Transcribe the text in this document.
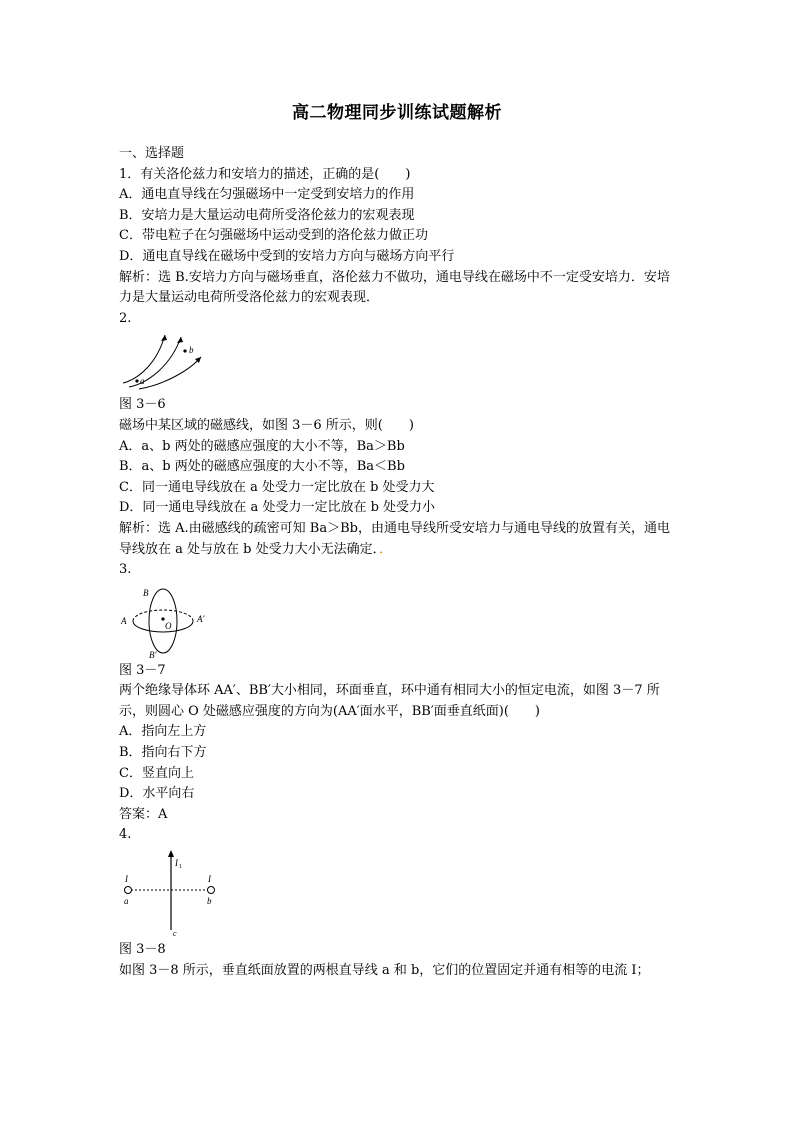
高二物理同步训练试题解析
一、选择题
1．有关洛伦兹力和安培力的描述，正确的是(　　)
A．通电直导线在匀强磁场中一定受到安培力的作用
B．安培力是大量运动电荷所受洛伦兹力的宏观表现
C．带电粒子在匀强磁场中运动受到的洛伦兹力做正功
D．通电直导线在磁场中受到的安培力方向与磁场方向平行
解析：选 B.安培力方向与磁场垂直，洛伦兹力不做功，通电导线在磁场中不一定受安培力．安培力是大量运动电荷所受洛伦兹力的宏观表现．
2.
a
b
图 3－6
磁场中某区域的磁感线，如图 3－6 所示，则(　　)
A．a、b 两处的磁感应强度的大小不等，Ba＞Bb
B．a、b 两处的磁感应强度的大小不等，Ba＜Bb
C．同一通电导线放在 a 处受力一定比放在 b 处受力大
D．同一通电导线放在 a 处受力一定比放在 b 处受力小
解析：选 A.由磁感线的疏密可知 Ba＞Bb，由通电导线所受安培力与通电导线的放置有关，通电导线放在 a 处与放在 b 处受力大小无法确定．．
3.
B
A	A′
O
B′
图 3－7
两个绝缘导体环 AA′、BB′大小相同，环面垂直，环中通有相同大小的恒定电流，如图 3－7 所示，则圆心 O 处磁感应强度的方向为(AA′面水平，BB′面垂直纸面)(　　)
A．指向左上方
B．指向右下方
C．竖直向上
D．水平向右
答案：A
4.
I
a
I
b
I 1
c
图 3－8
如图 3－8 所示，垂直纸面放置的两根直导线 a 和 b，它们的位置固定并通有相等的电流 I；
